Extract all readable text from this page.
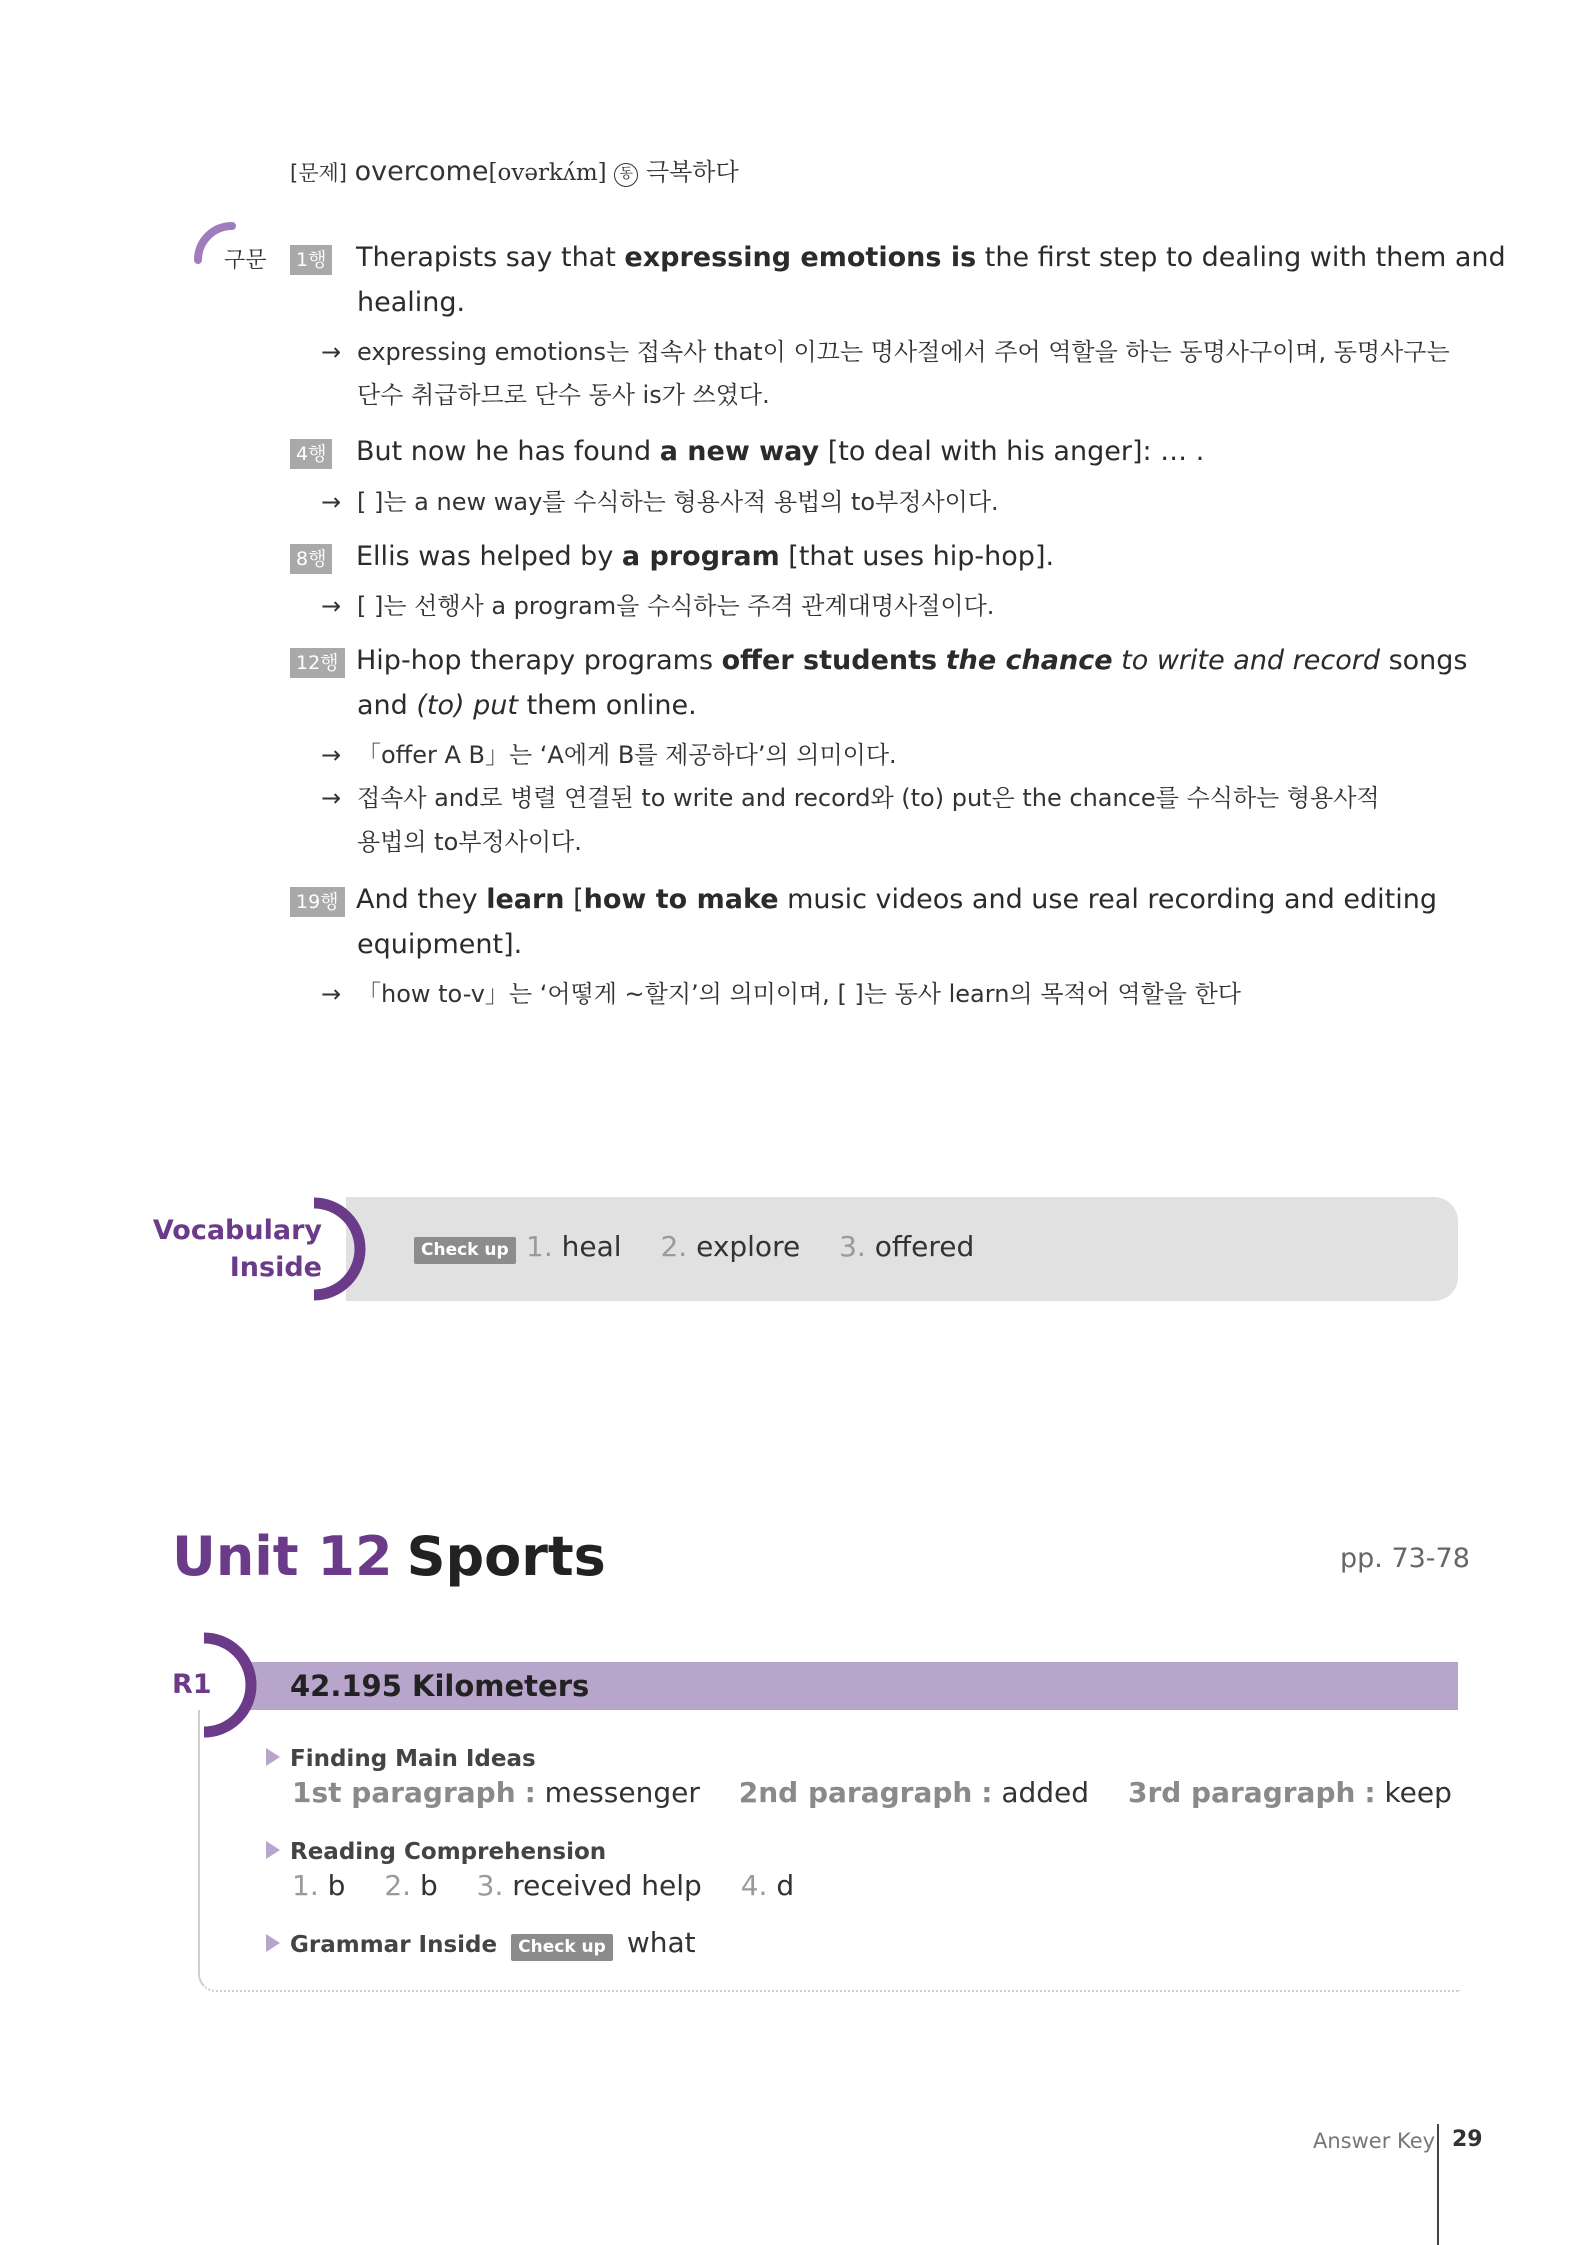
[문제] overcome[ovərkʌ́m] 동 극복하다
구문	1행 Therapists say that expressing emotions is the first step to dealing with them and
healing.
→ expressing emotions는 접속사 that이 이끄는 명사절에서 주어 역할을 하는 동명사구이며, 동명사구는
단수 취급하므로 단수 동사 is가 쓰였다.
4행 But now he has found a new way [to deal with his anger]: … .
→ [ ]는 a new way를 수식하는 형용사적 용법의 to부정사이다.
8행 Ellis was helped by a program [that uses hip-hop].
→ [ ]는 선행사 a program을 수식하는 주격 관계대명사절이다.
12행 Hip-hop therapy programs offer students the chance to write and record songs
and (to) put them online.
→ 「offer A B」는 ‘A에게 B를 제공하다’의 의미이다.
→ 접속사 and로 병렬 연결된 to write and record와 (to) put은 the chance를 수식하는 형용사적
용법의 to부정사이다.
19행 And they learn [how to make music videos and use real recording and editing
equipment].
→ 「how to-v」는 ‘어떻게 ~할지’의 의미이며, [ ]는 동사 learn의 목적어 역할을 한다
Vocabulary
Inside
Check up 1. heal 2. explore 3. offered
Unit 12 Sports	pp. 73-78
R1	42.195 Kilometers
Finding Main Ideas
1st paragraph : messenger 2nd paragraph : added 3rd paragraph : keep
Reading Comprehension
1. b 2. b 3. received help 4. d
Grammar Inside Check up what
Answer Key 29
